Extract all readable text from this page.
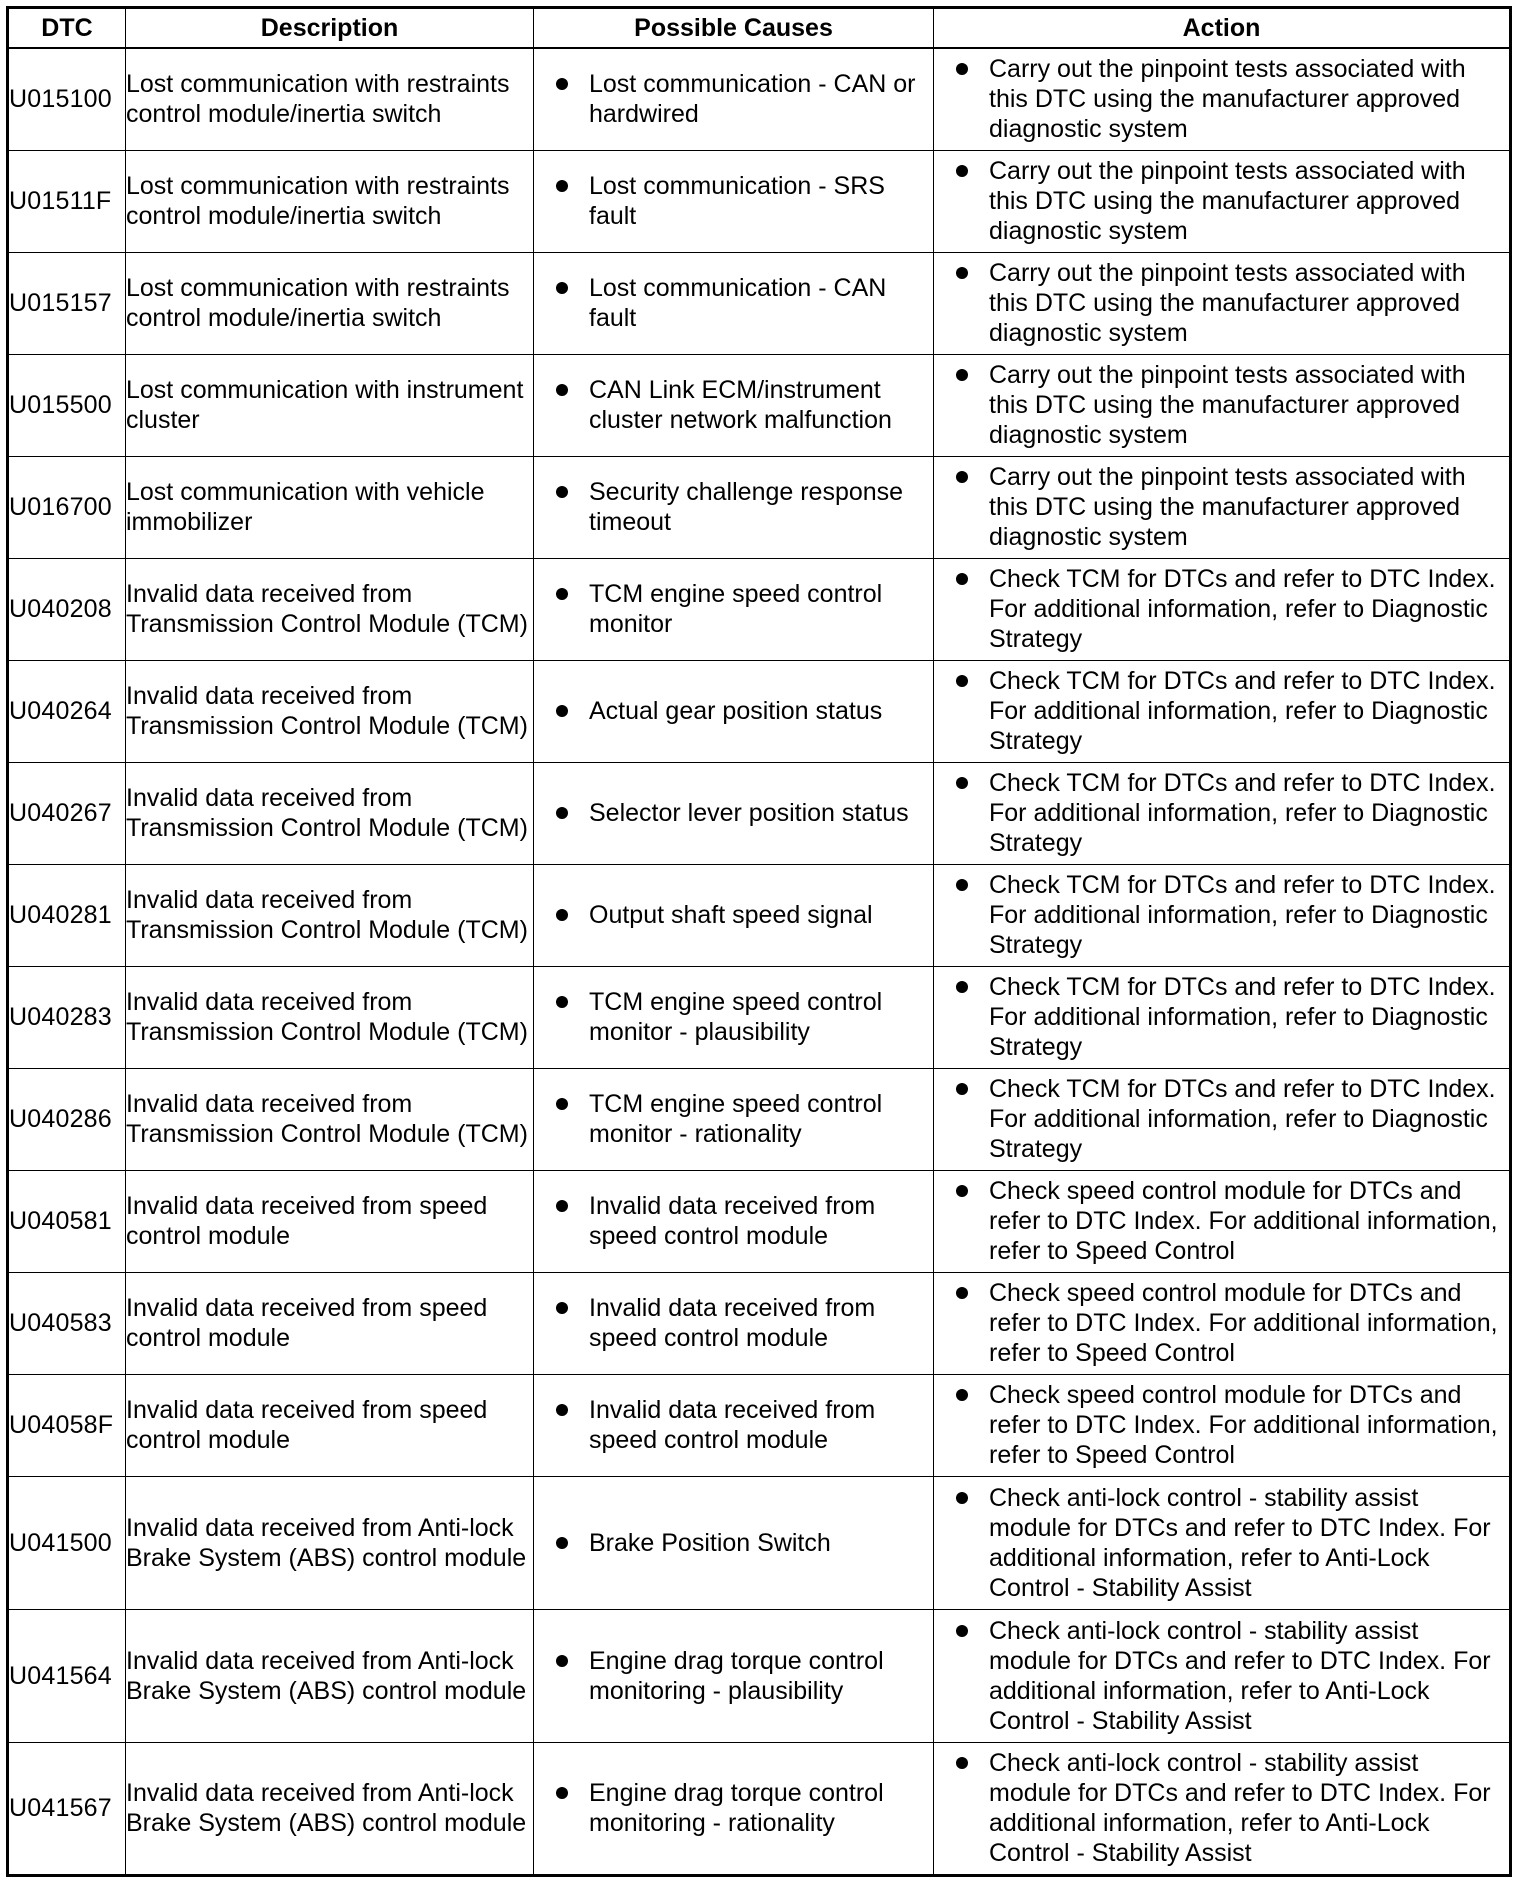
DTC	Description	Possible Causes	Action
U015100	Lost communication with restraints control module/inertia switch	Lost communication - CAN or hardwired	Carry out the pinpoint tests associated with this DTC using the manufacturer approved diagnostic system

U01511F	Lost communication with restraints control module/inertia switch	Lost communication - SRS fault	Carry out the pinpoint tests associated with this DTC using the manufacturer approved diagnostic system

U015157	Lost communication with restraints control module/inertia switch	Lost communication - CAN fault	Carry out the pinpoint tests associated with this DTC using the manufacturer approved diagnostic system

U015500	Lost communication with instrument cluster	CAN Link ECM/instrument cluster network malfunction	Carry out the pinpoint tests associated with this DTC using the manufacturer approved diagnostic system

U016700	Lost communication with vehicle immobilizer	Security challenge response timeout	Carry out the pinpoint tests associated with this DTC using the manufacturer approved diagnostic system

U040208	Invalid data received from Transmission Control Module (TCM)	TCM engine speed control monitor	Check TCM for DTCs and refer to DTC Index. For additional information, refer to Diagnostic Strategy

U040264	Invalid data received from Transmission Control Module (TCM)	Actual gear position status	Check TCM for DTCs and refer to DTC Index. For additional information, refer to Diagnostic Strategy

U040267	Invalid data received from Transmission Control Module (TCM)	Selector lever position status	Check TCM for DTCs and refer to DTC Index. For additional information, refer to Diagnostic Strategy

U040281	Invalid data received from Transmission Control Module (TCM)	Output shaft speed signal	Check TCM for DTCs and refer to DTC Index. For additional information, refer to Diagnostic Strategy

U040283	Invalid data received from Transmission Control Module (TCM)	TCM engine speed control monitor - plausibility	Check TCM for DTCs and refer to DTC Index. For additional information, refer to Diagnostic Strategy

U040286	Invalid data received from Transmission Control Module (TCM)	TCM engine speed control monitor - rationality	Check TCM for DTCs and refer to DTC Index. For additional information, refer to Diagnostic Strategy

U040581	Invalid data received from speed control module	Invalid data received from speed control module	Check speed control module for DTCs and refer to DTC Index. For additional information, refer to Speed Control

U040583	Invalid data received from speed control module	Invalid data received from speed control module	Check speed control module for DTCs and refer to DTC Index. For additional information, refer to Speed Control

U04058F	Invalid data received from speed control module	Invalid data received from speed control module	Check speed control module for DTCs and refer to DTC Index. For additional information, refer to Speed Control

U041500	Invalid data received from Anti-lock Brake System (ABS) control module	Brake Position Switch	Check anti-lock control - stability assist module for DTCs and refer to DTC Index. For additional information, refer to Anti-Lock Control - Stability Assist

U041564	Invalid data received from Anti-lock Brake System (ABS) control module	Engine drag torque control monitoring - plausibility	Check anti-lock control - stability assist module for DTCs and refer to DTC Index. For additional information, refer to Anti-Lock Control - Stability Assist

U041567	Invalid data received from Anti-lock Brake System (ABS) control module	Engine drag torque control monitoring - rationality	Check anti-lock control - stability assist module for DTCs and refer to DTC Index. For additional information, refer to Anti-Lock Control - Stability Assist
